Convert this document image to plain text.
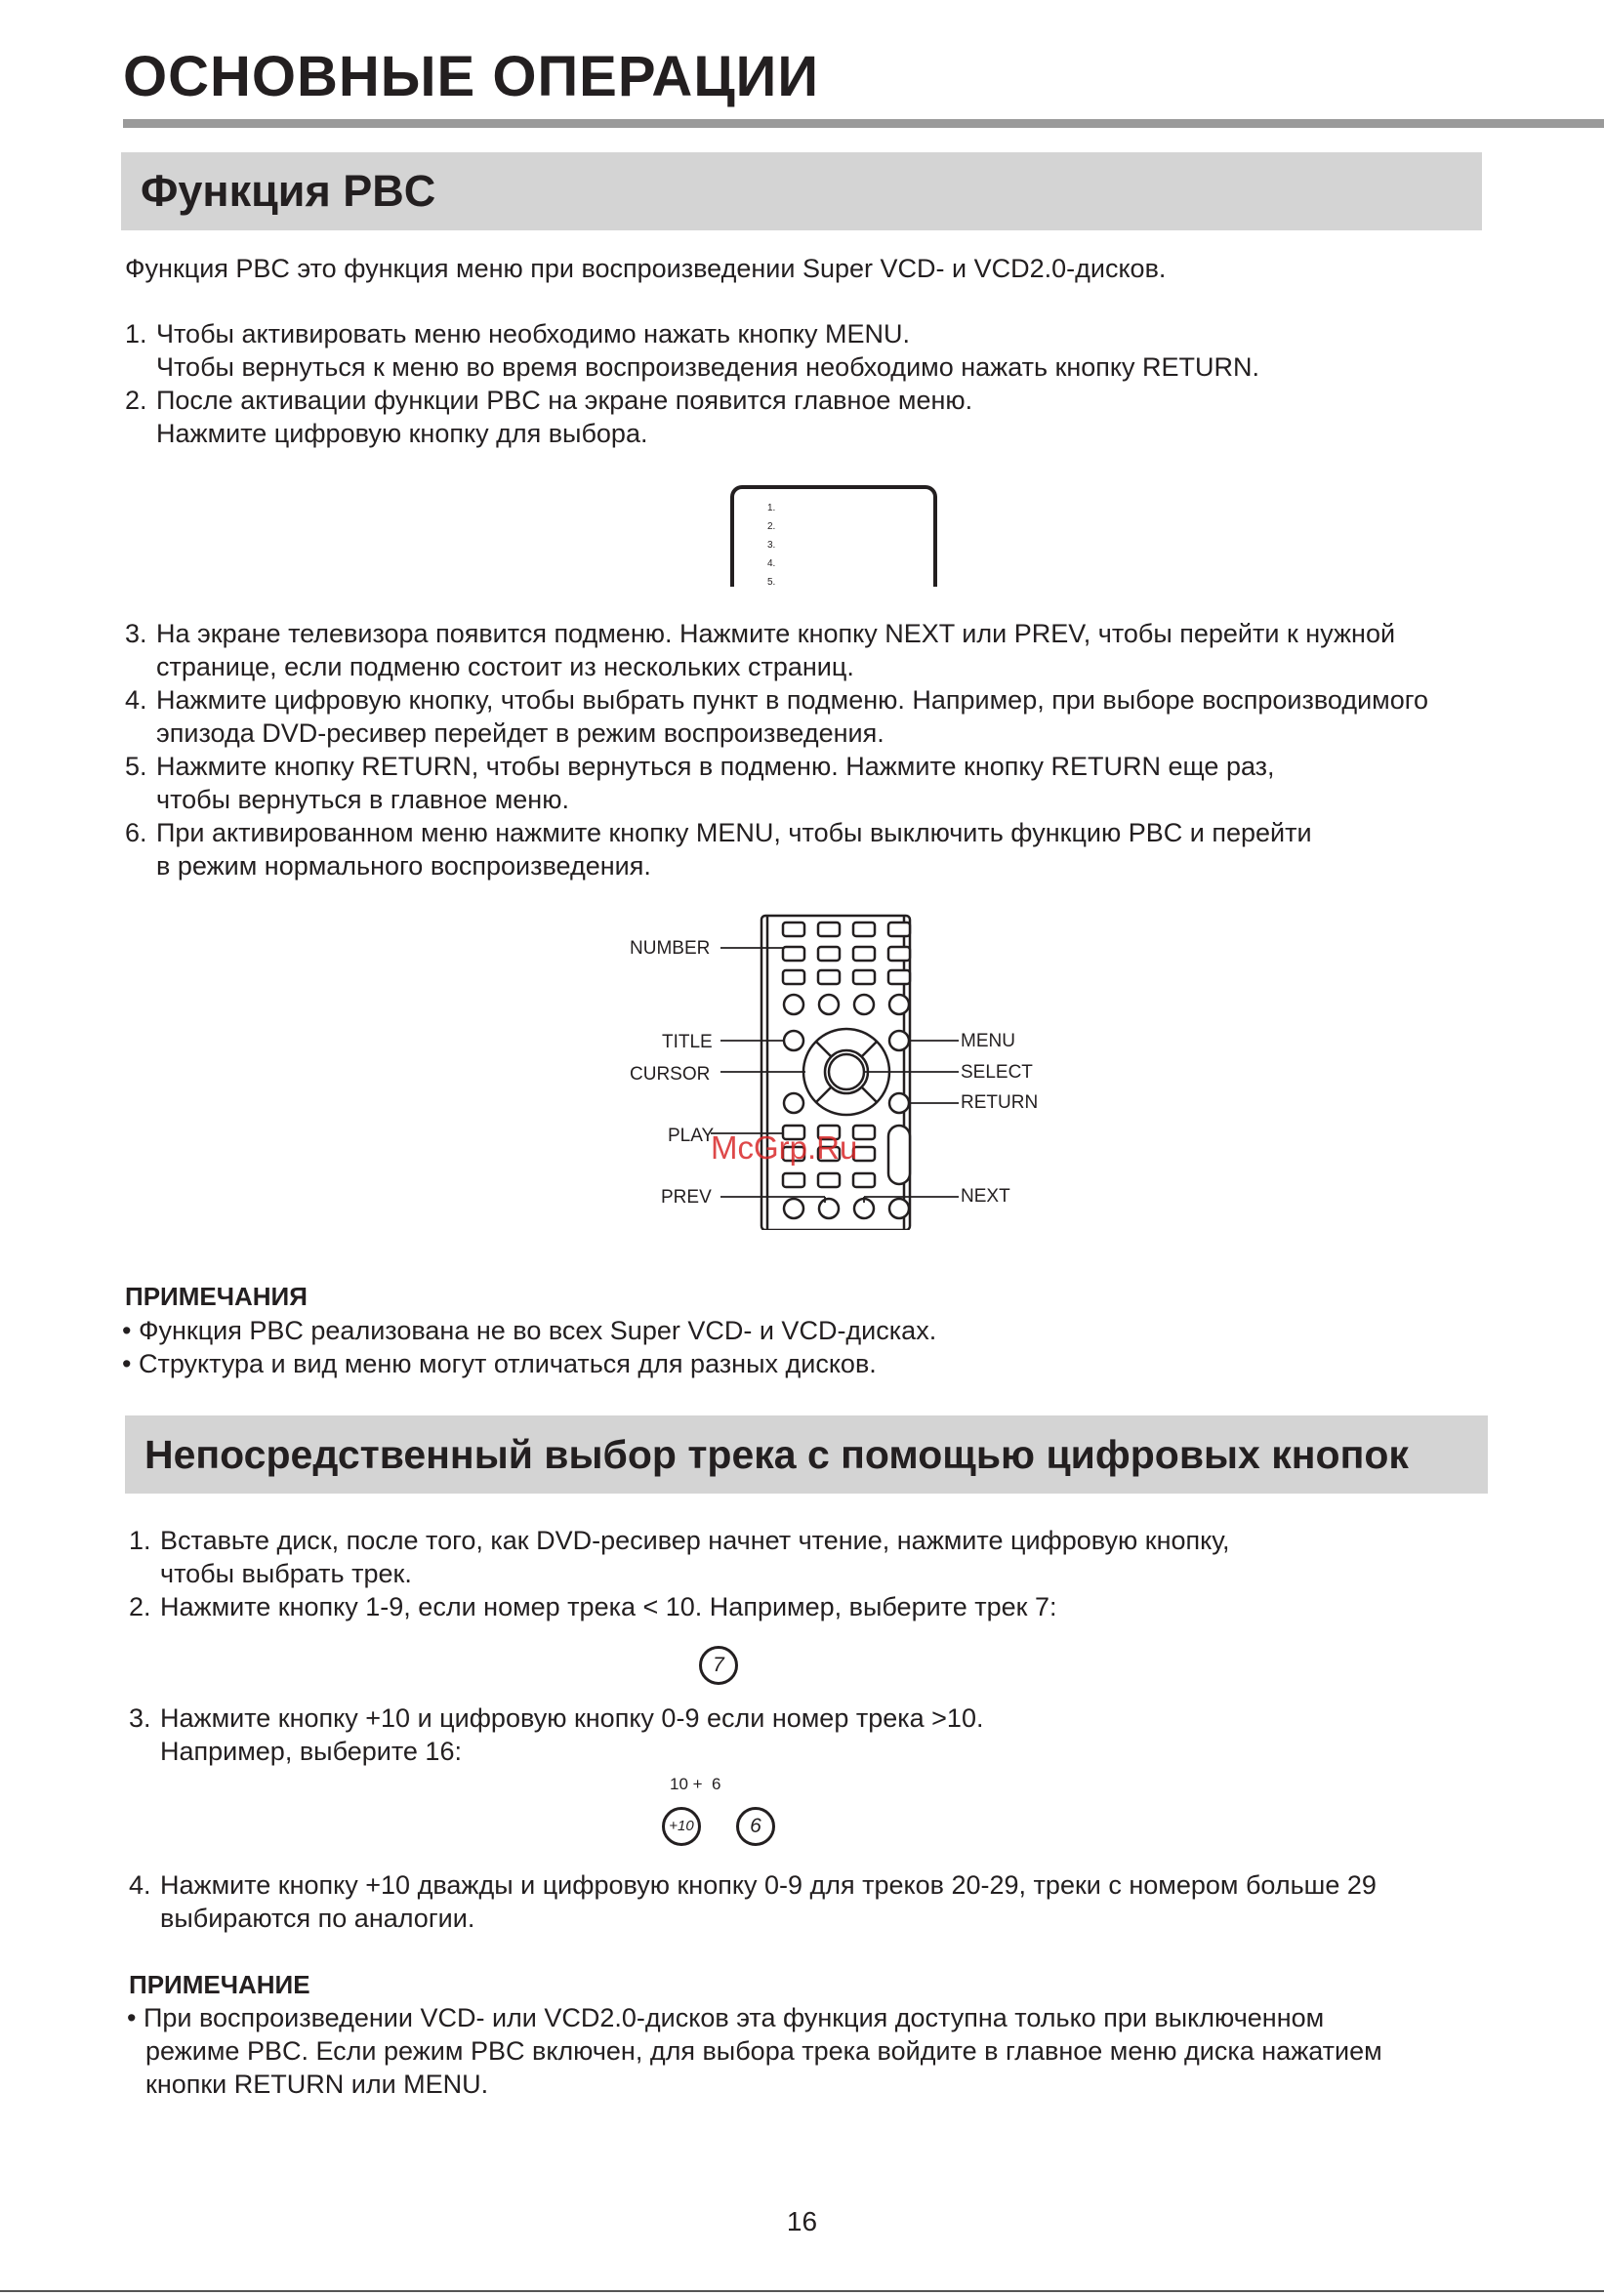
ОСНОВНЫЕ ОПЕРАЦИИ
Функция PBC

Функция PBC это функция меню при воспроизведении Super VCD- и VCD2.0-дисков.

1. Чтобы активировать меню необходимо нажать кнопку MENU.
Чтобы вернуться к меню во время воспроизведения необходимо нажать кнопку RETURN.
2. После активации функции PBC на экране появится главное меню.
Нажмите цифровую кнопку для выбора.
1.
2.
3.
4.
5.
3. На экране телевизора появится подменю. Нажмите кнопку NEXT или PREV, чтобы перейти к нужной
странице, если подменю состоит из нескольких страниц.
4. Нажмите цифровую кнопку, чтобы выбрать пункт в подменю. Например, при выборе воспроизводимого
эпизода DVD-ресивер перейдет в режим воспроизведения.
5. Нажмите кнопку RETURN, чтобы вернуться в подменю. Нажмите кнопку RETURN еще раз,
чтобы вернуться в главное меню.
6. При активированном меню нажмите кнопку MENU, чтобы выключить функцию PBC и перейти
в режим нормального воспроизведения.
NUMBER
TITLE
CURSOR
PLAY
PREV
MENU
SELECT
RETURN
NEXT
McGrp.Ru

ПРИМЕЧАНИЯ

• Функция PBC реализована не во всех Super VCD- и VCD-дисках.

• Структура и вид меню могут отличаться для разных дисков.

Непосредственный выбор трека с помощью цифровых кнопок
1. Вставьте диск, после того, как DVD-ресивер начнет чтение, нажмите цифровую кнопку,
чтобы выбрать трек.
2. Нажмите кнопку 1-9, если номер трека < 10. Например, выберите трек 7:
7
3. Нажмите кнопку +10 и цифровую кнопку 0-9 если номер трека >10.
Например, выберите 16:
10 +  6
+10	6
4. Нажмите кнопку +10 дважды и цифровую кнопку 0-9 для треков 20-29, треки с номером больше 29
выбираются по аналогии.

ПРИМЕЧАНИЕ

• При воспроизведении VCD- или VCD2.0-дисков эта функция доступна только при выключенном

режиме PBC. Если режим PBC включен, для выбора трека войдите в главное меню диска нажатием

кнопки RETURN или MENU.

16
